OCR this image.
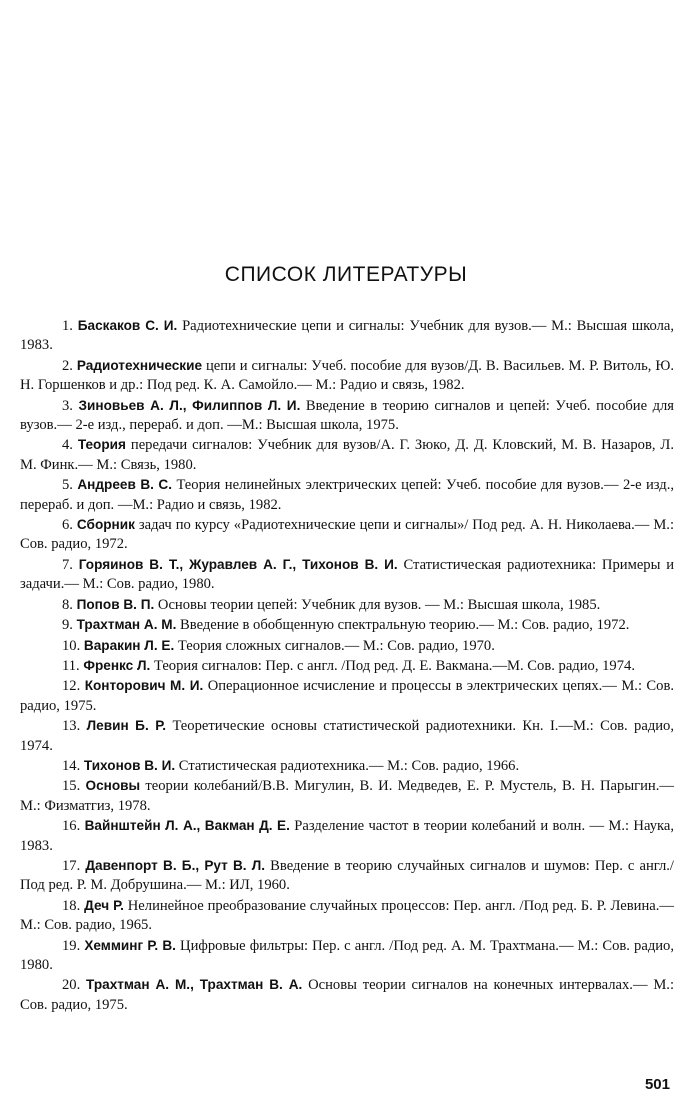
СПИСОК ЛИТЕРАТУРЫ

1. Баскаков С. И. Радиотехнические цепи и сигналы: Учебник для вузов.— М.: Высшая школа, 1983.

2. Радиотехнические цепи и сигналы: Учеб. пособие для вузов/Д. В. Васильев. М. Р. Витоль, Ю. Н. Горшенков и др.: Под ред. К. А. Самойло.— М.: Радио и связь, 1982.

3. Зиновьев А. Л., Филиппов Л. И. Введение в теорию сигналов и цепей: Учеб. пособие для вузов.— 2-е изд., перераб. и доп. —М.: Высшая школа, 1975.

4. Теория передачи сигналов: Учебник для вузов/А. Г. Зюко, Д. Д. Кловский, М. В. Назаров, Л. М. Финк.— М.: Связь, 1980.

5. Андреев В. С. Теория нелинейных электрических цепей: Учеб. пособие для вузов.— 2-е изд., перераб. и доп. —М.: Радио и связь, 1982.

6. Сборник задач по курсу «Радиотехнические цепи и сигналы»/ Под ред. А. Н. Николаева.— М.: Сов. радио, 1972.

7. Горяинов В. Т., Журавлев А. Г., Тихонов В. И. Статистическая радиотехника: Примеры и задачи.— М.: Сов. радио, 1980.

8. Попов В. П. Основы теории цепей: Учебник для вузов. — М.: Высшая школа, 1985.

9. Трахтман А. М. Введение в обобщенную спектральную теорию.— М.: Сов. радио, 1972.

10. Варакин Л. Е. Теория сложных сигналов.— М.: Сов. радио, 1970.

11. Френкс Л. Теория сигналов: Пер. с англ. /Под ред. Д. Е. Вакмана.—М. Сов. радио, 1974.

12. Конторович М. И. Операционное исчисление и процессы в электрических цепях.— М.: Сов. радио, 1975.

13. Левин Б. Р. Теоретические основы статистической радиотехники. Кн. I.—М.: Сов. радио, 1974.

14. Тихонов В. И. Статистическая радиотехника.— М.: Сов. радио, 1966.

15. Основы теории колебаний/В.В. Мигулин, В. И. Медведев, Е. Р. Мустель, В. Н. Парыгин.— М.: Физматгиз, 1978.

16. Вайнштейн Л. А., Вакман Д. Е. Разделение частот в теории колебаний и волн. — М.: Наука, 1983.

17. Давенпорт В. Б., Рут В. Л. Введение в теорию случайных сигналов и шумов: Пер. с англ./Под ред. Р. М. Добрушина.— М.: ИЛ, 1960.

18. Деч Р. Нелинейное преобразование случайных процессов: Пер. англ. /Под ред. Б. Р. Левина.— М.: Сов. радио, 1965.

19. Хемминг Р. В. Цифровые фильтры: Пер. с англ. /Под ред. А. М. Трахтмана.— М.: Сов. радио, 1980.

20. Трахтман А. М., Трахтман В. А. Основы теории сигналов на конечных интервалах.— М.: Сов. радио, 1975.

501
